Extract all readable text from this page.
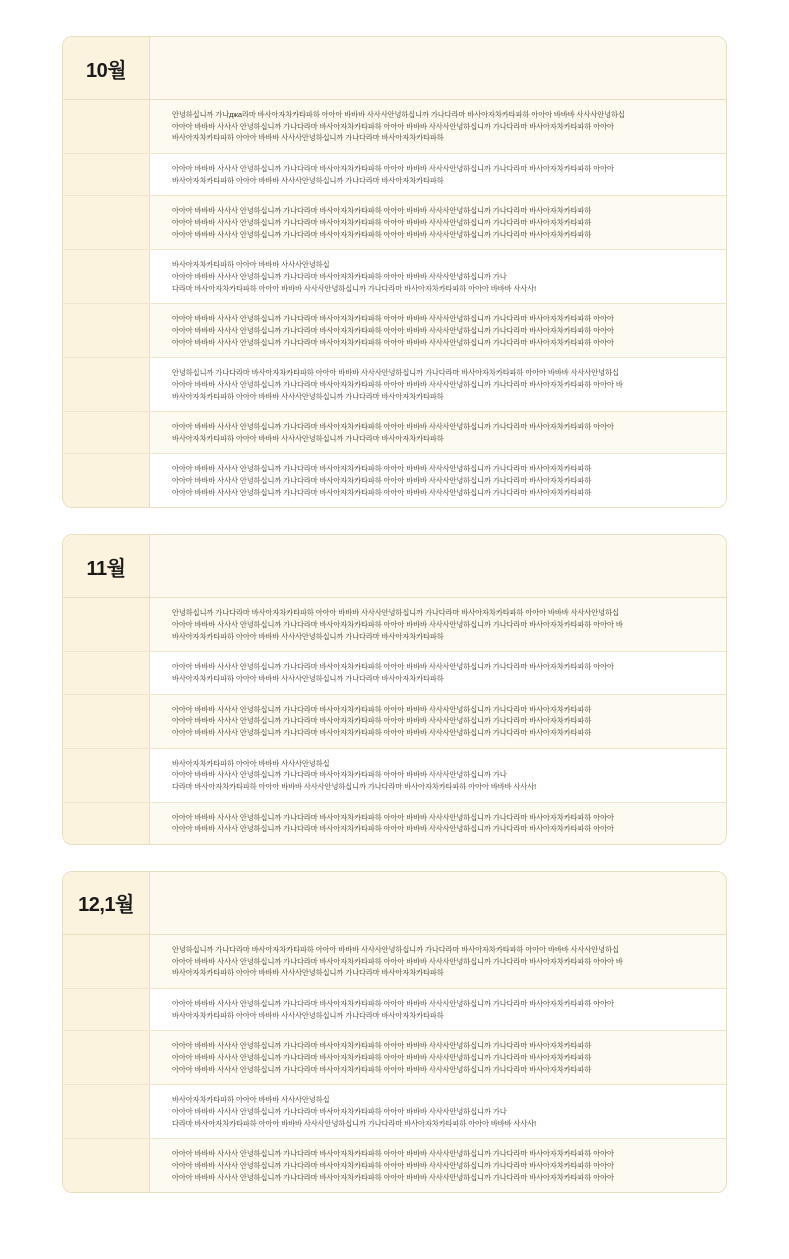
10월
안녕하십니까 가나джа라마 바사아자차카타파하 아아아 바바바 사사사안녕하십니까 가나다라마 바사아자차카타파하 아아아 바바바 사사사안녕하십
아아아 바바바 사사사 안녕하십니까 가나다라마 바사아자차카타파하 아아아 바바바 사사사안녕하십니까 가나다라마 바사아자차카타파하 아아아
바사아자차카타파하 아아아 바바바 사사사안녕하십니까 가나다라마 바사아자차카타파하
아아아 바바바 사사사 안녕하십니까 가나다라마 바사아자차카타파하 아아아 바바바 사사사안녕하십니까 가나다라마 바사아자차카타파하 아아아
바사아자차카타파하 아아아 바바바 사사사안녕하십니까 가나다라마 바사아자차카타파하
아아아 바바바 사사사 안녕하십니까 가나다라마 바사아자차카타파하 아아아 바바바 사사사안녕하십니까 가나다라마 바사아자차카타파하
아아아 바바바 사사사 안녕하십니까 가나다라마 바사아자차카타파하 아아아 바바바 사사사안녕하십니까 가나다라마 바사아자차카타파하
아아아 바바바 사사사 안녕하십니까 가나다라마 바사아자차카타파하 아아아 바바바 사사사안녕하십니까 가나다라마 바사아자차카타파하
바사아자차카타파하 아아아 바바바 사사사안녕하십
아아아 바바바 사사사 안녕하십니까 가나다라마 바사아자차카타파하 아아아 바바바 사사사안녕하십니까 가나
다라마 바사아자차카타파하 아아아 바바바 사사사안녕하십니까 가나다라마 바사아자차카타파하 아아아 바바바 사사사!
아아아 바바바 사사사 안녕하십니까 가나다라마 바사아자차카타파하 아아아 바바바 사사사안녕하십니까 가나다라마 바사아자차카타파하 아아아
아아아 바바바 사사사 안녕하십니까 가나다라마 바사아자차카타파하 아아아 바바바 사사사안녕하십니까 가나다라마 바사아자차카타파하 아아아
아아아 바바바 사사사 안녕하십니까 가나다라마 바사아자차카타파하 아아아 바바바 사사사안녕하십니까 가나다라마 바사아자차카타파하 아아아
안녕하십니까 가나다라마 바사아자차카타파하 아아아 바바바 사사사안녕하십니까 가나다라마 바사아자차카타파하 아아아 바바바 사사사안녕하십
아아아 바바바 사사사 안녕하십니까 가나다라마 바사아자차카타파하 아아아 바바바 사사사안녕하십니까 가나다라마 바사아자차카타파하 아아아 바
바사아자차카타파하 아아아 바바바 사사사안녕하십니까 가나다라마 바사아자차카타파하
아아아 바바바 사사사 안녕하십니까 가나다라마 바사아자차카타파하 아아아 바바바 사사사안녕하십니까 가나다라마 바사아자차카타파하 아아아
바사아자차카타파하 아아아 바바바 사사사안녕하십니까 가나다라마 바사아자차카타파하
아아아 바바바 사사사 안녕하십니까 가나다라마 바사아자차카타파하 아아아 바바바 사사사안녕하십니까 가나다라마 바사아자차카타파하
아아아 바바바 사사사 안녕하십니까 가나다라마 바사아자차카타파하 아아아 바바바 사사사안녕하십니까 가나다라마 바사아자차카타파하
아아아 바바바 사사사 안녕하십니까 가나다라마 바사아자차카타파하 아아아 바바바 사사사안녕하십니까 가나다라마 바사아자차카타파하
11월
안녕하십니까 가나다라마 바사아자차카타파하 아아아 바바바 사사사안녕하십니까 가나다라마 바사아자차카타파하 아아아 바바바 사사사안녕하십
아아아 바바바 사사사 안녕하십니까 가나다라마 바사아자차카타파하 아아아 바바바 사사사안녕하십니까 가나다라마 바사아자차카타파하 아아아 바
바사아자차카타파하 아아아 바바바 사사사안녕하십니까 가나다라마 바사아자차카타파하
아아아 바바바 사사사 안녕하십니까 가나다라마 바사아자차카타파하 아아아 바바바 사사사안녕하십니까 가나다라마 바사아자차카타파하 아아아
바사아자차카타파하 아아아 바바바 사사사안녕하십니까 가나다라마 바사아자차카타파하
아아아 바바바 사사사 안녕하십니까 가나다라마 바사아자차카타파하 아아아 바바바 사사사안녕하십니까 가나다라마 바사아자차카타파하
아아아 바바바 사사사 안녕하십니까 가나다라마 바사아자차카타파하 아아아 바바바 사사사안녕하십니까 가나다라마 바사아자차카타파하
아아아 바바바 사사사 안녕하십니까 가나다라마 바사아자차카타파하 아아아 바바바 사사사안녕하십니까 가나다라마 바사아자차카타파하
바사아자차카타파하 아아아 바바바 사사사안녕하십
아아아 바바바 사사사 안녕하십니까 가나다라마 바사아자차카타파하 아아아 바바바 사사사안녕하십니까 가나
다라마 바사아자차카타파하 아아아 바바바 사사사안녕하십니까 가나다라마 바사아자차카타파하 아아아 바바바 사사사!
아아아 바바바 사사사 안녕하십니까 가나다라마 바사아자차카타파하 아아아 바바바 사사사안녕하십니까 가나다라마 바사아자차카타파하 아아아
아아아 바바바 사사사 안녕하십니까 가나다라마 바사아자차카타파하 아아아 바바바 사사사안녕하십니까 가나다라마 바사아자차카타파하 아아아
12,1월
안녕하십니까 가나다라마 바사아자차카타파하 아아아 바바바 사사사안녕하십니까 가나다라마 바사아자차카타파하 아아아 바바바 사사사안녕하십
아아아 바바바 사사사 안녕하십니까 가나다라마 바사아자차카타파하 아아아 바바바 사사사안녕하십니까 가나다라마 바사아자차카타파하 아아아 바
바사아자차카타파하 아아아 바바바 사사사안녕하십니까 가나다라마 바사아자차카타파하
아아아 바바바 사사사 안녕하십니까 가나다라마 바사아자차카타파하 아아아 바바바 사사사안녕하십니까 가나다라마 바사아자차카타파하 아아아
바사아자차카타파하 아아아 바바바 사사사안녕하십니까 가나다라마 바사아자차카타파하
아아아 바바바 사사사 안녕하십니까 가나다라마 바사아자차카타파하 아아아 바바바 사사사안녕하십니까 가나다라마 바사아자차카타파하
아아아 바바바 사사사 안녕하십니까 가나다라마 바사아자차카타파하 아아아 바바바 사사사안녕하십니까 가나다라마 바사아자차카타파하
아아아 바바바 사사사 안녕하십니까 가나다라마 바사아자차카타파하 아아아 바바바 사사사안녕하십니까 가나다라마 바사아자차카타파하
바사아자차카타파하 아아아 바바바 사사사안녕하십
아아아 바바바 사사사 안녕하십니까 가나다라마 바사아자차카타파하 아아아 바바바 사사사안녕하십니까 가나
다라마 바사아자차카타파하 아아아 바바바 사사사안녕하십니까 가나다라마 바사아자차카타파하 아아아 바바바 사사사!
아아아 바바바 사사사 안녕하십니까 가나다라마 바사아자차카타파하 아아아 바바바 사사사안녕하십니까 가나다라마 바사아자차카타파하 아아아
아아아 바바바 사사사 안녕하십니까 가나다라마 바사아자차카타파하 아아아 바바바 사사사안녕하십니까 가나다라마 바사아자차카타파하 아아아
아아아 바바바 사사사 안녕하십니까 가나다라마 바사아자차카타파하 아아아 바바바 사사사안녕하십니까 가나다라마 바사아자차카타파하 아아아
